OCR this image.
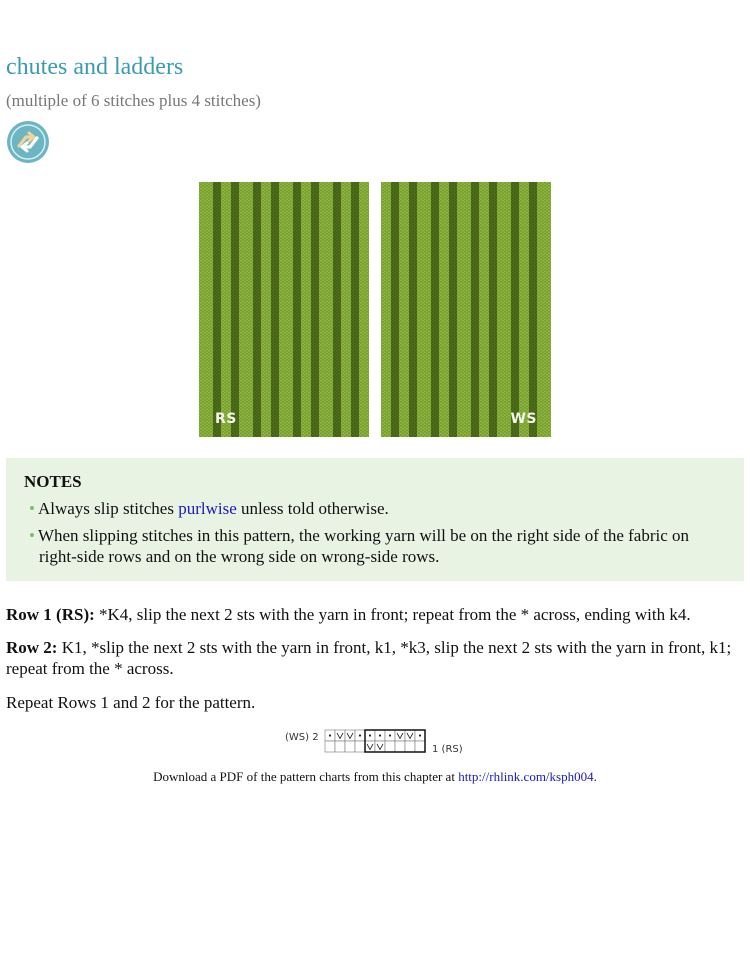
chutes and ladders
(multiple of 6 stitches plus 4 stitches)
RS	WS

NOTES

• Always slip stitches purlwise unless told otherwise.

• When slipping stitches in this pattern, the working yarn will be on the right side of the fabric on right-side rows and on the wrong side on wrong-side rows.

Row 1 (RS): *K4, slip the next 2 sts with the yarn in front; repeat from the * across, ending with k4.

Row 2: K1, *slip the next 2 sts with the yarn in front, k1, *k3, slip the next 2 sts with the yarn in front, k1; repeat from the * across.

Repeat Rows 1 and 2 for the pattern.

(WS) 2
1 (RS)
Download a PDF of the pattern charts from this chapter at http://rhlink.com/ksph004.
